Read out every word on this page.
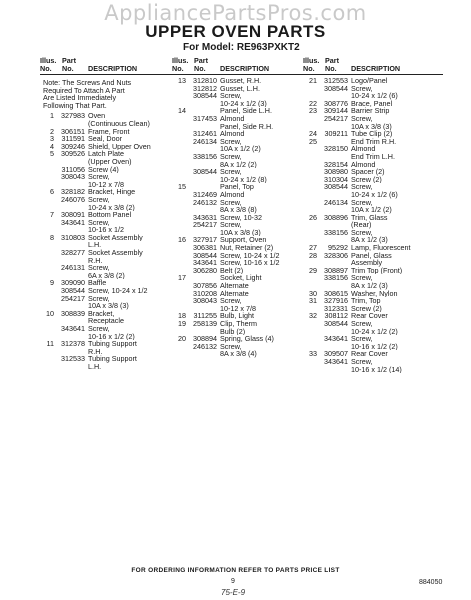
AppliancePartsPros.com
UPPER OVEN PARTS
For Model: RE963PXKT2
Illus.
No.
Part
No.	DESCRIPTION
Note: The Screws And Nuts
Required To Attach A Part
Are Listed Immediately
Following That Part.
1 327983 Oven
(Continuous Clean)
2 306151 Frame, Front
3	311591 Seal, Door
4 309246 Shield, Upper Oven
5 309526 Latch Plate
(Upper Oven)
311056 Screw (4)
308043 Screw,
10-12 x 7/8
6 328182 Bracket, Hinge
246076 Screw,
10-24 x 3/8 (2)
7 308091 Bottom Panel
343641 Screw,
10-16 x 1/2
8 310803 Socket Assembly
L.H.
328277 Socket Assembly
R.H.
246131 Screw,
6A x 3/8 (2)
9 309090 Baffle
308544 Screw, 10-24 x 1/2
254217 Screw,
10A x 3/8 (3)
10 308839 Bracket,
Receptacle
343641 Screw,
10-16 x 1/2 (2)
11 312378 Tubing Support
R.H.
312533 Tubing Support
L.H.
Illus.
No.
Part
No.	DESCRIPTION
13 312810 Gusset, R.H.
312812 Gusset, L.H.
308544 Screw,
10-24 x 1/2 (3)
14	Panel, Side L.H.
317453 Almond
Panel, Side R.H.
312461 Almond
246134 Screw,
10A x 1/2 (2)
338156 Screw,
8A x 1/2 (2)
308544 Screw,
10-24 x 1/2 (8)
15	Panel, Top
312469 Almond
246132 Screw,
8A x 3/8 (8)
343631 Screw, 10-32
254217 Screw,
10A x 3/8 (3)
16 327917 Support, Oven
306381 Nut, Retainer (2)
308544 Screw, 10-24 x 1/2
343641 Screw, 10-16 x 1/2
306280 Belt (2)
17	Socket, Light
307856 Alternate
310208 Alternate
308043 Screw,
10-12 x 7/8
18	311255 Bulb, Light
19 258139 Clip, Therm
Bulb (2)
20 308894 Spring, Glass (4)
246132 Screw,
8A x 3/8 (4)
Illus.
No.
Part
No.	DESCRIPTION
21 312553 Logo/Panel
308544 Screw,
10-24 x 1/2 (6)
22 308776 Brace, Panel
23 309144 Barrier Strip
254217 Screw,
10A x 3/8 (3)
24	309211 Tube Clip (2)
25	End Trim R.H.
328150 Almond
End Trim L.H.
328154 Almond
308980 Spacer (2)
310304 Screw (2)
308544 Screw,
10-24 x 1/2 (6)
246134 Screw,
10A x 1/2 (2)
26 308896 Trim, Glass
(Rear)
338156 Screw,
8A x 1/2 (3)
27	95292 Lamp, Fluorescent
28 328306 Panel, Glass
Assembly
29 308897 Trim Top (Front)
338156 Screw,
8A x 1/2 (3)
30 308615 Washer, Nylon
31 327916 Trim, Top
312331 Screw (2)
32	308112 Rear Cover
308544 Screw,
10-24 x 1/2 (2)
343641 Screw,
10-16 x 1/2 (2)
33 309507 Rear Cover
343641 Screw,
10-16 x 1/2 (14)
FOR ORDERING INFORMATION REFER TO PARTS PRICE LIST
9	884050
75-E-9
